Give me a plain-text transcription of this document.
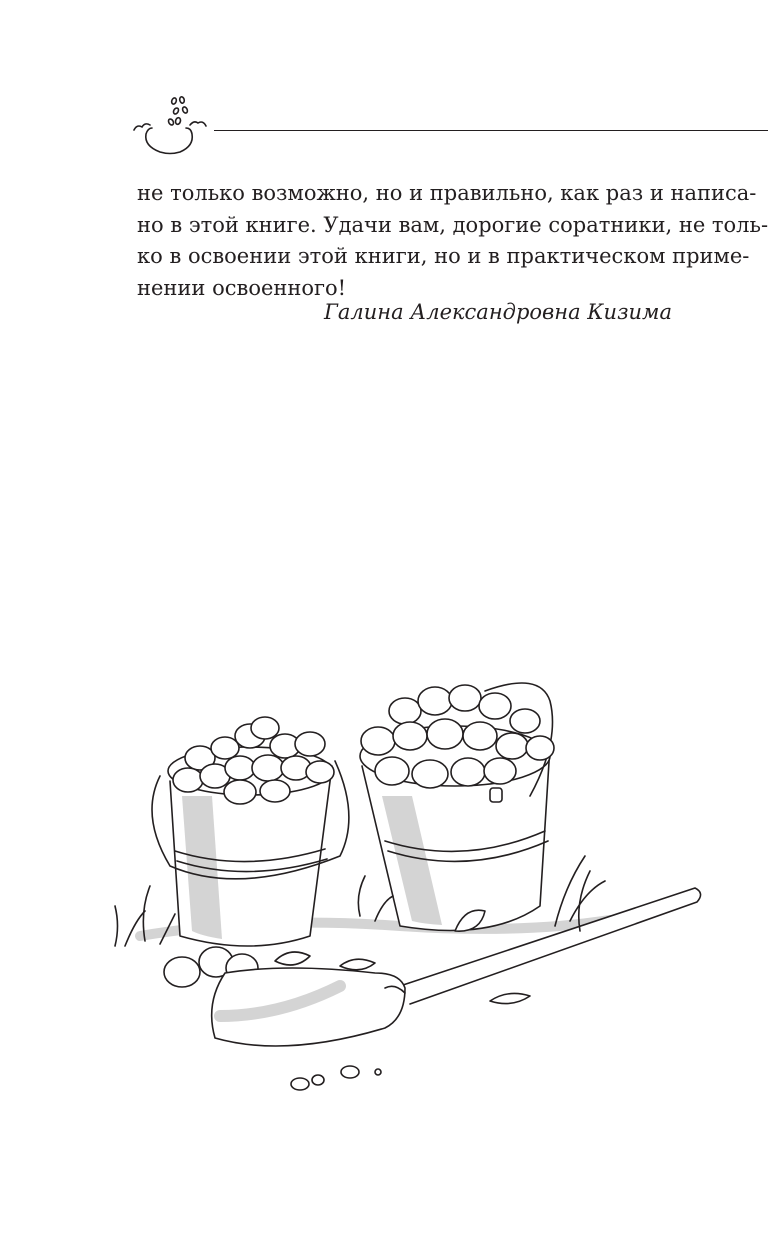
не только возможно, но и правильно, как раз и написа-
но в этой книге. Удачи вам, дорогие соратники, не толь-
ко в освоении этой книги, но и в практическом приме-
нении освоенного!

Галина Александровна Кизима
